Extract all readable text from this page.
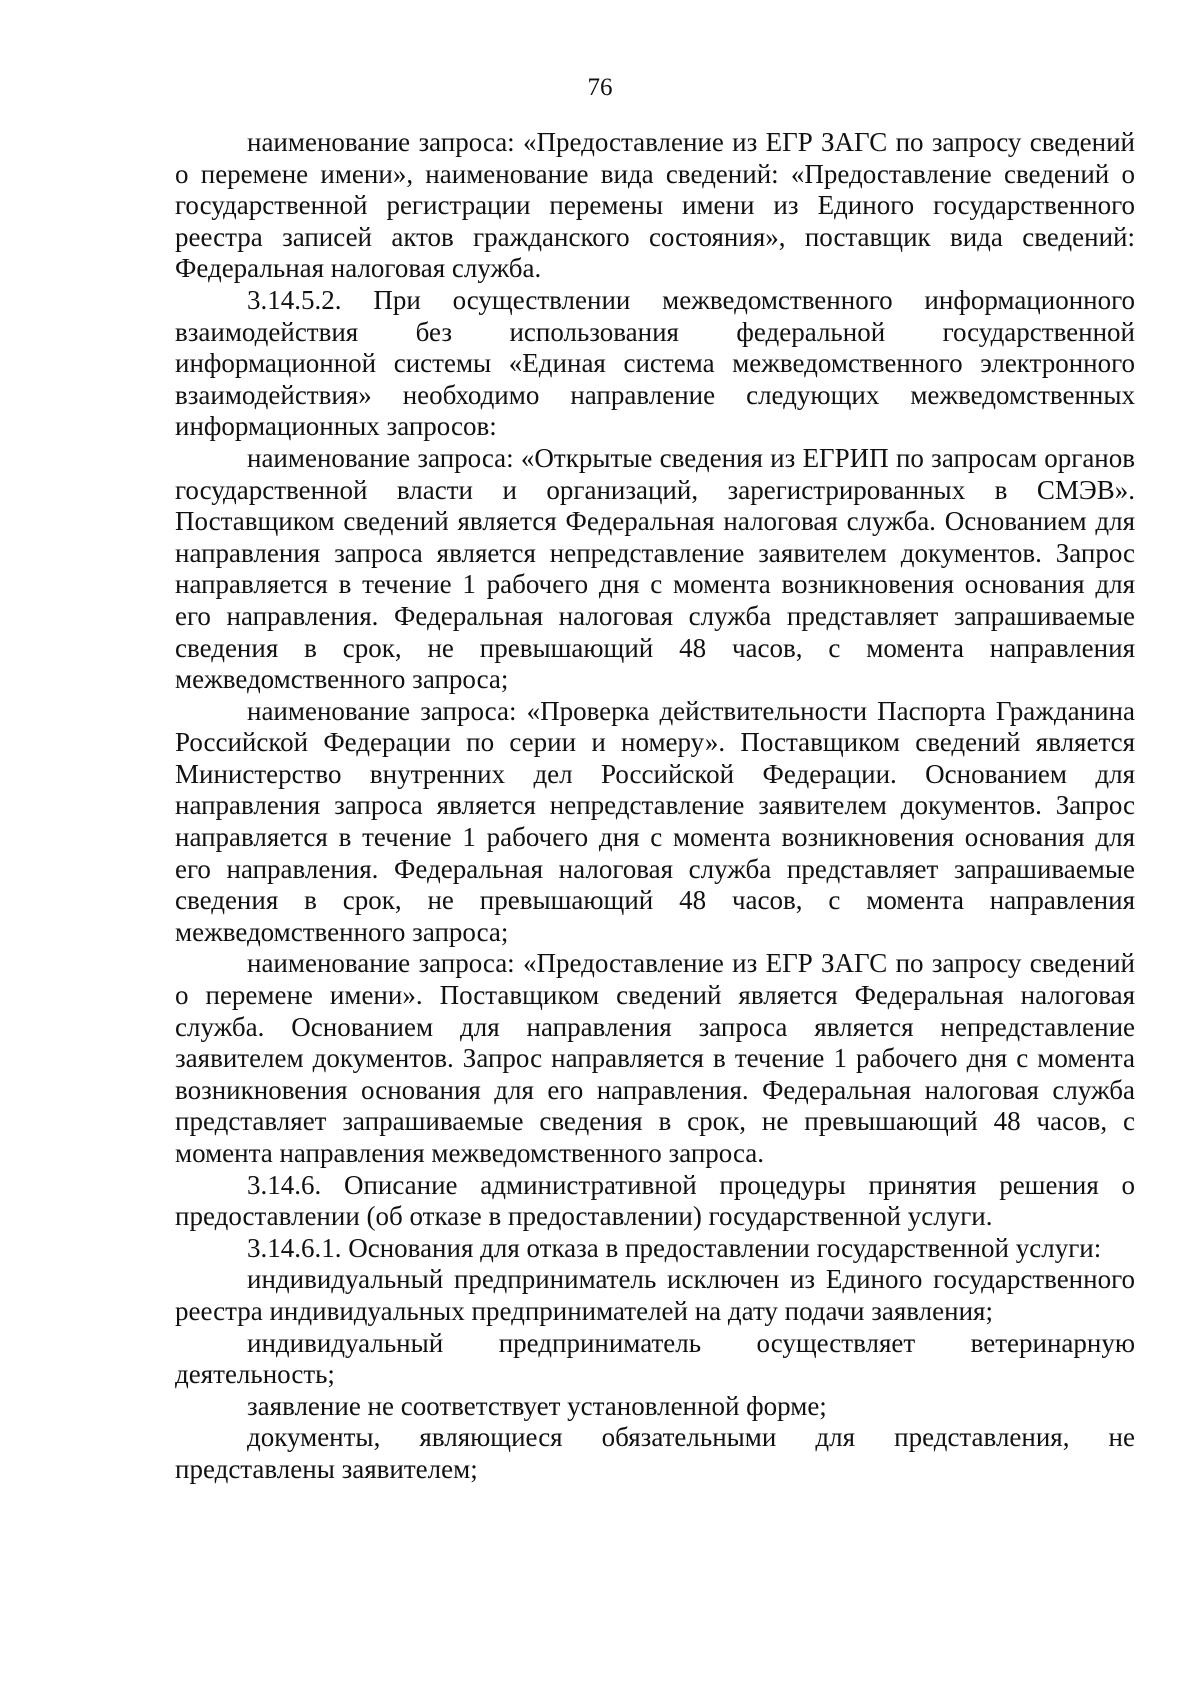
76

наименование запроса: «Предоставление из ЕГР ЗАГС по запросу сведений о перемене имени», наименование вида сведений: «Предоставление сведений о государственной регистрации перемены имени из Единого государственного реестра записей актов гражданского состояния», поставщик вида сведений: Федеральная налоговая служба.

3.14.5.2. При осуществлении межведомственного информационного взаимодействия без использования федеральной государственной информационной системы «Единая система межведомственного электронного взаимодействия» необходимо направление следующих межведомственных информационных запросов:

наименование запроса: «Открытые сведения из ЕГРИП по запросам органов государственной власти и организаций, зарегистрированных в СМЭВ». Поставщиком сведений является Федеральная налоговая служба. Основанием для направления запроса является непредставление заявителем документов. Запрос направляется в течение 1 рабочего дня с момента возникновения основания для его направления. Федеральная налоговая служба представляет запрашиваемые сведения в срок, не превышающий 48 часов, с момента направления межведомственного запроса;

наименование запроса: «Проверка действительности Паспорта Гражданина Российской Федерации по серии и номеру». Поставщиком сведений является Министерство внутренних дел Российской Федерации. Основанием для направления запроса является непредставление заявителем документов. Запрос направляется в течение 1 рабочего дня с момента возникновения основания для его направления. Федеральная налоговая служба представляет запрашиваемые сведения в срок, не превышающий 48 часов, с момента направления межведомственного запроса;

наименование запроса: «Предоставление из ЕГР ЗАГС по запросу сведений о перемене имени». Поставщиком сведений является Федеральная налоговая служба. Основанием для направления запроса является непредставление заявителем документов. Запрос направляется в течение 1 рабочего дня с момента возникновения основания для его направления. Федеральная налоговая служба представляет запрашиваемые сведения в срок, не превышающий 48 часов, с момента направления межведомственного запроса.

3.14.6. Описание административной процедуры принятия решения о предоставлении (об отказе в предоставлении) государственной услуги.

3.14.6.1. Основания для отказа в предоставлении государственной услуги:

индивидуальный предприниматель исключен из Единого государственного реестра индивидуальных предпринимателей на дату подачи заявления;

индивидуальный предприниматель осуществляет ветеринарную деятельность;

заявление не соответствует установленной форме;

документы, являющиеся обязательными для представления, не представлены заявителем;
